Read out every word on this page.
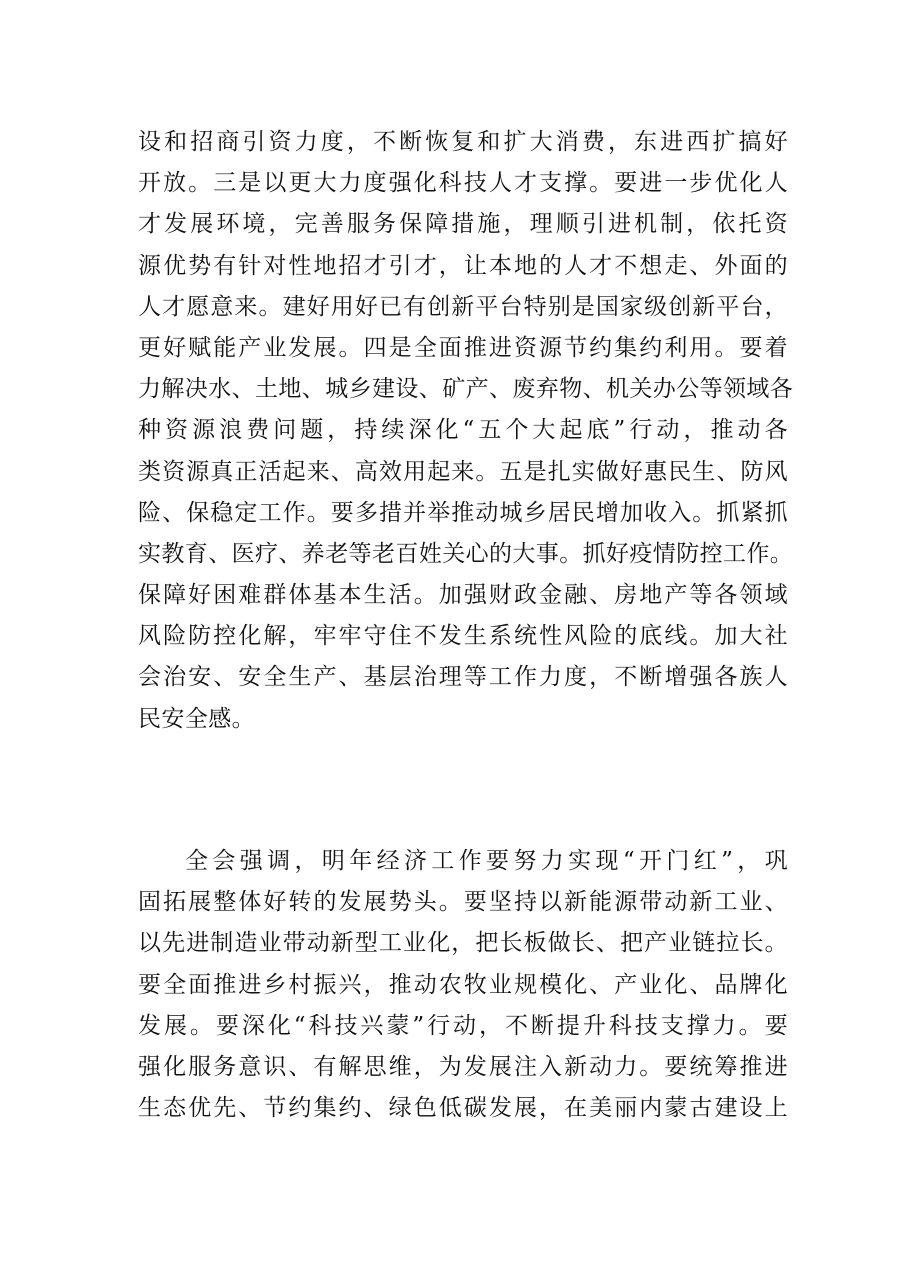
设和招商引资力度，不断恢复和扩大消费，东进西扩搞好
开放。三是以更大力度强化科技人才支撑。要进一步优化人
才发展环境，完善服务保障措施，理顺引进机制，依托资
源优势有针对性地招才引才，让本地的人才不想走、外面的
人才愿意来。建好用好已有创新平台特别是国家级创新平台，
更好赋能产业发展。四是全面推进资源节约集约利用。要着
力解决水、土地、城乡建设、矿产、废弃物、机关办公等领域各
种资源浪费问题，持续深化“五个大起底”行动，推动各
类资源真正活起来、高效用起来。五是扎实做好惠民生、防风
险、保稳定工作。要多措并举推动城乡居民增加收入。抓紧抓
实教育、医疗、养老等老百姓关心的大事。抓好疫情防控工作。
保障好困难群体基本生活。加强财政金融、房地产等各领域
风险防控化解，牢牢守住不发生系统性风险的底线。加大社
会治安、安全生产、基层治理等工作力度，不断增强各族人
民安全感。
全会强调，明年经济工作要努力实现“开门红”，巩
固拓展整体好转的发展势头。要坚持以新能源带动新工业、
以先进制造业带动新型工业化，把长板做长、把产业链拉长。
要全面推进乡村振兴，推动农牧业规模化、产业化、品牌化
发展。要深化“科技兴蒙”行动，不断提升科技支撑力。要
强化服务意识、有解思维，为发展注入新动力。要统筹推进
生态优先、节约集约、绿色低碳发展，在美丽内蒙古建设上
